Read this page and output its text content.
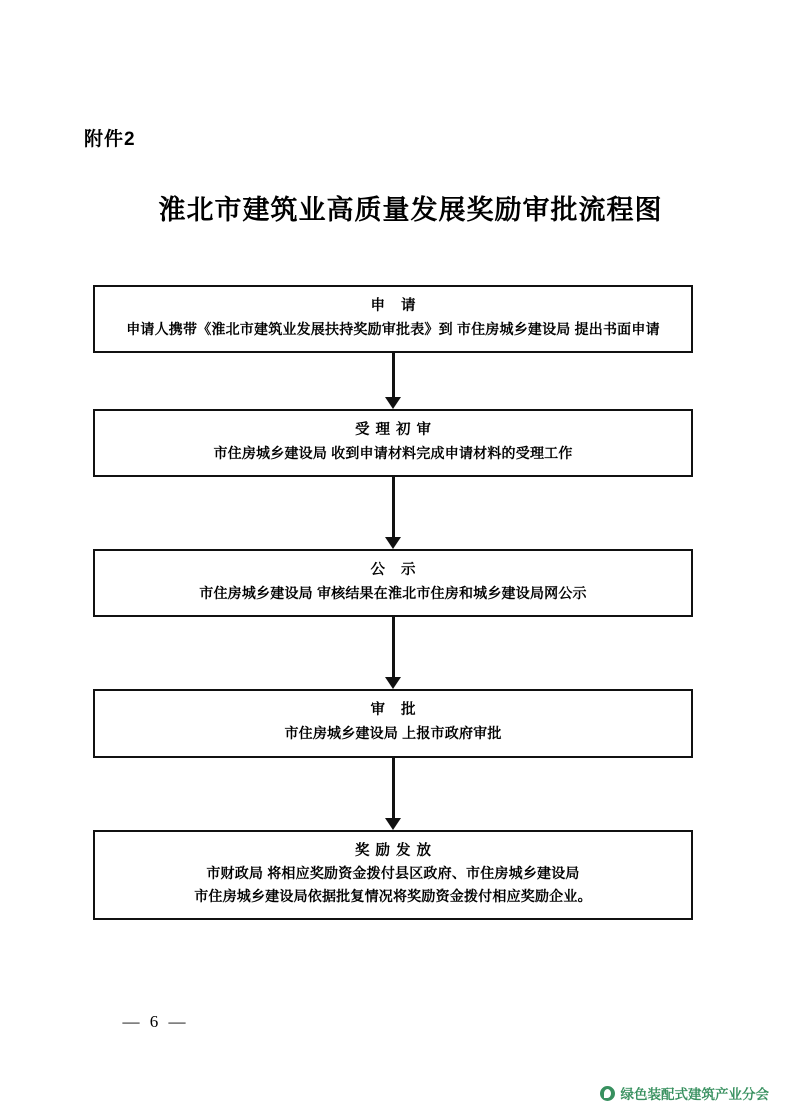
附件2
淮北市建筑业高质量发展奖励审批流程图
申 请
申请人携带《淮北市建筑业发展扶持奖励审批表》到 市住房城乡建设局 提出书面申请
受理初审
市住房城乡建设局 收到申请材料完成申请材料的受理工作
公 示
市住房城乡建设局 审核结果在淮北市住房和城乡建设局网公示
审 批
市住房城乡建设局 上报市政府审批
奖励发放
市财政局 将相应奖励资金拨付县区政府、市住房城乡建设局
市住房城乡建设局依据批复情况将奖励资金拨付相应奖励企业。
— 6 —
绿色装配式建筑产业分会
